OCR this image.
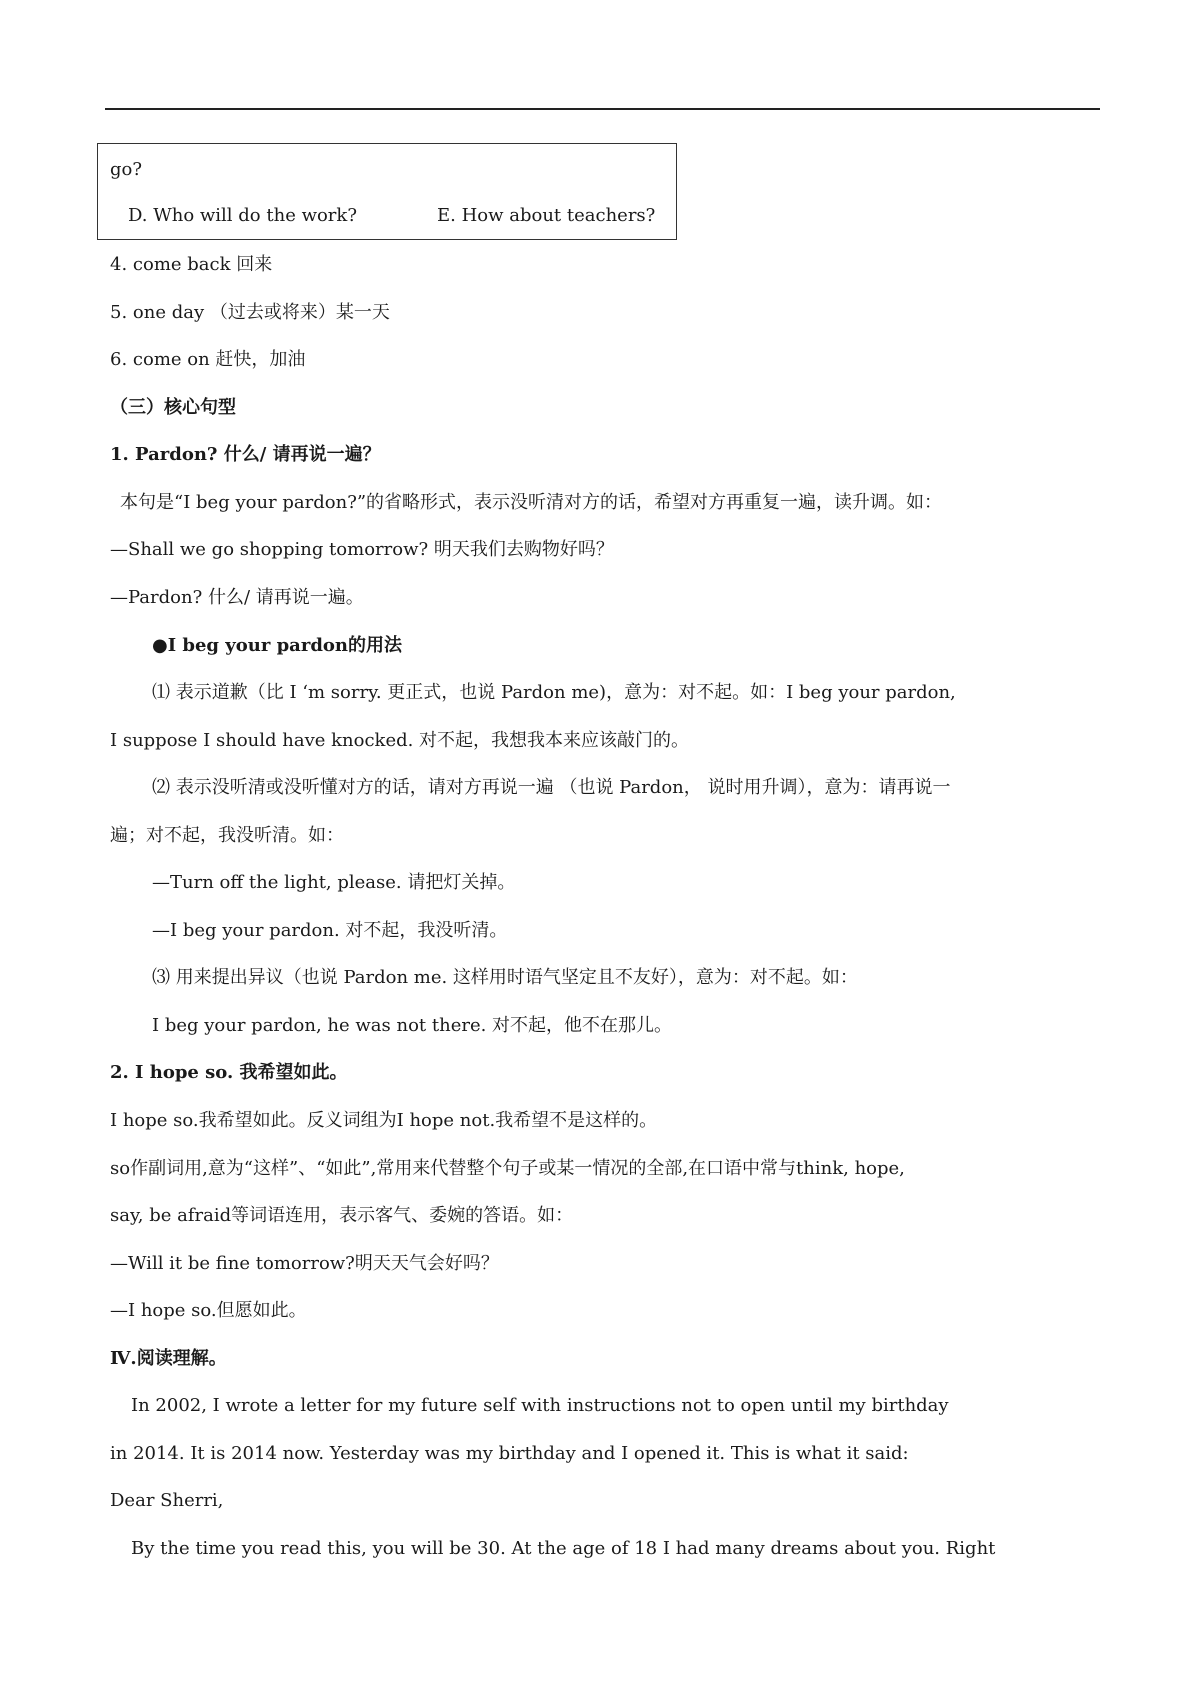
go?
D. Who will do the work?	E. How about teachers?
4. come back 回来
5. one day （过去或将来）某一天
6. come on 赶快，加油
（三）核心句型
1. Pardon? 什么/ 请再说一遍？
本句是“I beg your pardon?”的省略形式，表示没听清对方的话，希望对方再重复一遍，读升调。如：
—Shall we go shopping tomorrow? 明天我们去购物好吗？
—Pardon? 什么/ 请再说一遍。
●I beg your pardon的用法
⑴ 表示道歉（比 I ‘m sorry. 更正式，也说 Pardon me)，意为：对不起。如：I beg your pardon,
I suppose I should have knocked. 对不起，我想我本来应该敲门的。
⑵ 表示没听清或没听懂对方的话，请对方再说一遍 （也说 Pardon， 说时用升调），意为：请再说一
遍；对不起，我没听清。如：
—Turn off the light, please. 请把灯关掉。
—I beg your pardon. 对不起，我没听清。
⑶ 用来提出异议（也说 Pardon me. 这样用时语气坚定且不友好），意为：对不起。如：
I beg your pardon, he was not there. 对不起，他不在那儿。
2. I hope so. 我希望如此。
I hope so.我希望如此。反义词组为I hope not.我希望不是这样的。
so作副词用,意为“这样”、“如此”,常用来代替整个句子或某一情况的全部,在口语中常与think, hope,
say, be afraid等词语连用，表示客气、委婉的答语。如：
—Will it be fine tomorrow?明天天气会好吗？
—I hope so.但愿如此。
Ⅳ.阅读理解。
In 2002, I wrote a letter for my future self with instructions not to open until my birthday
in 2014. It is 2014 now. Yesterday was my birthday and I opened it. This is what it said:
Dear Sherri,
By the time you read this, you will be 30. At the age of 18 I had many dreams about you. Right
